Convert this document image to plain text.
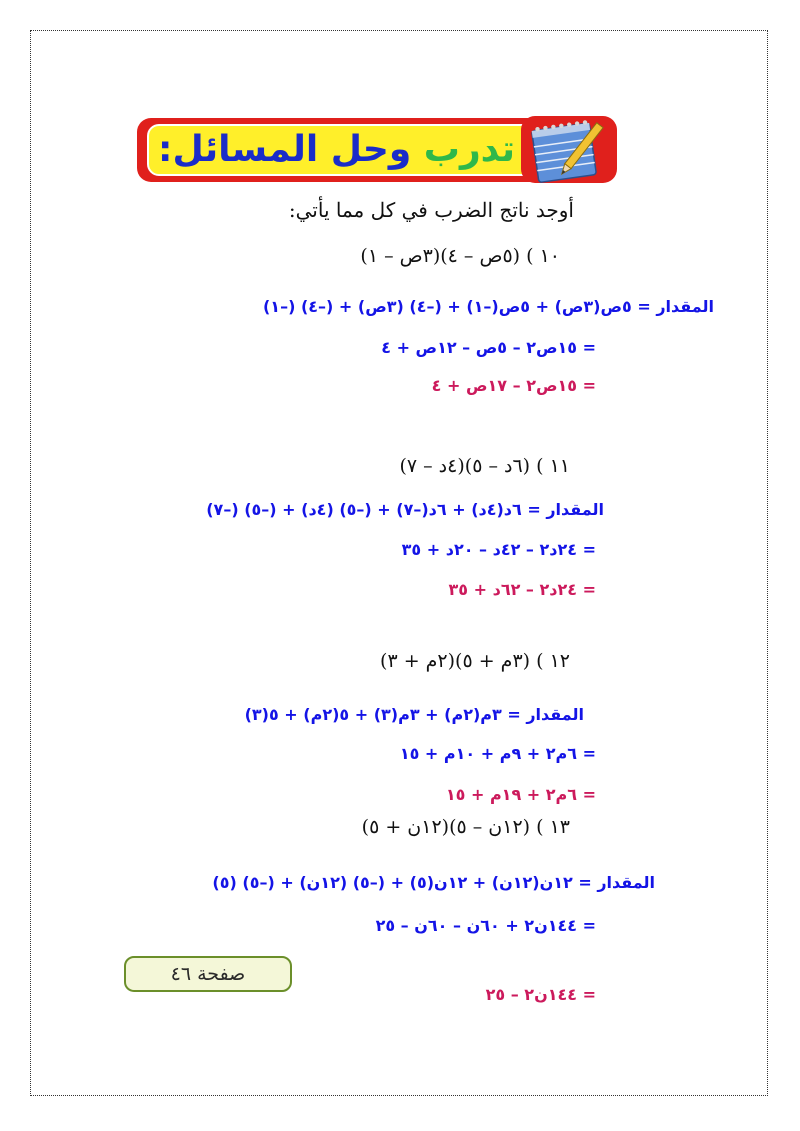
تدرب وحل المسائل:
أوجد ناتج الضرب في كل مما يأتي:
١٠ ) (٥ص – ٤)(٣ص – ١)
المقدار = ٥ص(٣ص) + ٥ص(–١) + (–٤) (٣ص) + (–٤) (–١)
= ١٥ص٢ – ٥ص – ١٢ص + ٤
= ١٥ص٢ – ١٧ص + ٤
١١ ) (٦د – ٥)(٤د – ٧)
المقدار = ٦د(٤د) + ٦د(–٧) + (–٥) (٤د) + (–٥) (–٧)
= ٢٤د٢ – ٤٢د – ٢٠د + ٣٥
= ٢٤د٢ – ٦٢د + ٣٥
١٢ ) (٣م + ٥)(٢م + ٣)
المقدار = ٣م(٢م) + ٣م(٣) + ٥(٢م) + ٥(٣)
= ٦م٢ + ٩م + ١٠م + ١٥
= ٦م٢ + ١٩م + ١٥
١٣ ) (١٢ن – ٥)(١٢ن + ٥)
المقدار = ١٢ن(١٢ن) + ١٢ن(٥) + (–٥) (١٢ن) + (–٥) (٥)
= ١٤٤ن٢ + ٦٠ن – ٦٠ن – ٢٥
= ١٤٤ن٢ – ٢٥
صفحة ٤٦
